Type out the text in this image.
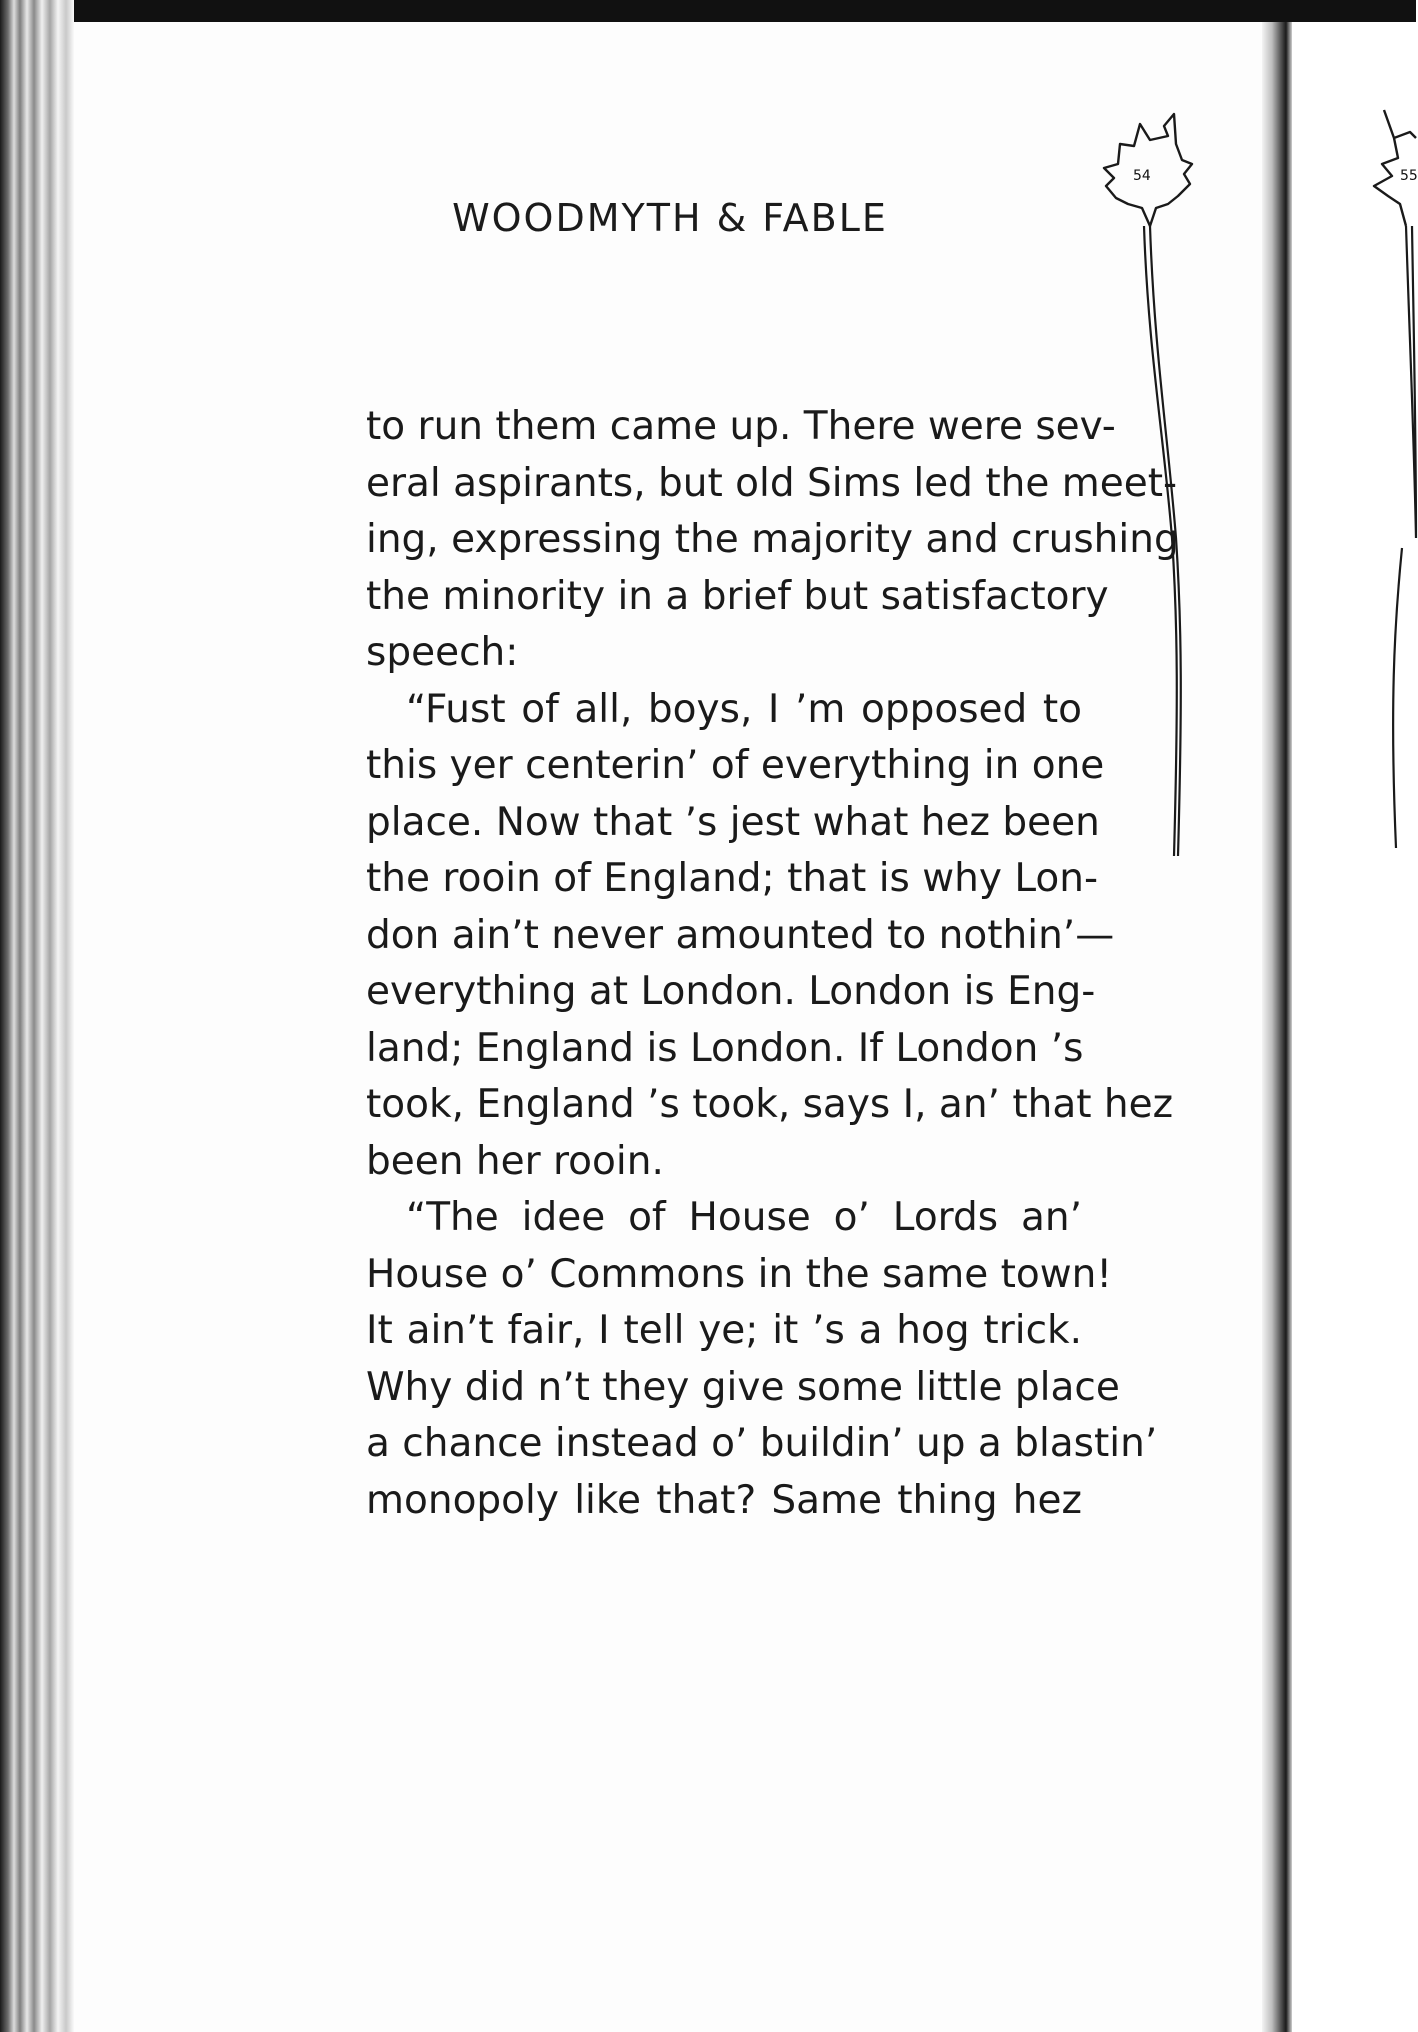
WOODMYTH & FABLE
54	55
to run them came up. There were sev-
eral aspirants, but old Sims led the meet-
ing, expressing the majority and crushing
the minority in a brief but satisfactory
speech:
“Fust of all, boys, I ’m opposed to
this yer centerin’ of everything in one
place. Now that ’s jest what hez been
the rooin of England; that is why Lon-
don ain’t never amounted to nothin’—
everything at London. London is Eng-
land; England is London. If London ’s
took, England ’s took, says I, an’ that hez
been her rooin.
“The idee of House o’ Lords an’
House o’ Commons in the same town!
It ain’t fair, I tell ye; it ’s a hog trick.
Why did n’t they give some little place
a chance instead o’ buildin’ up a blastin’
monopoly like that? Same thing hez
